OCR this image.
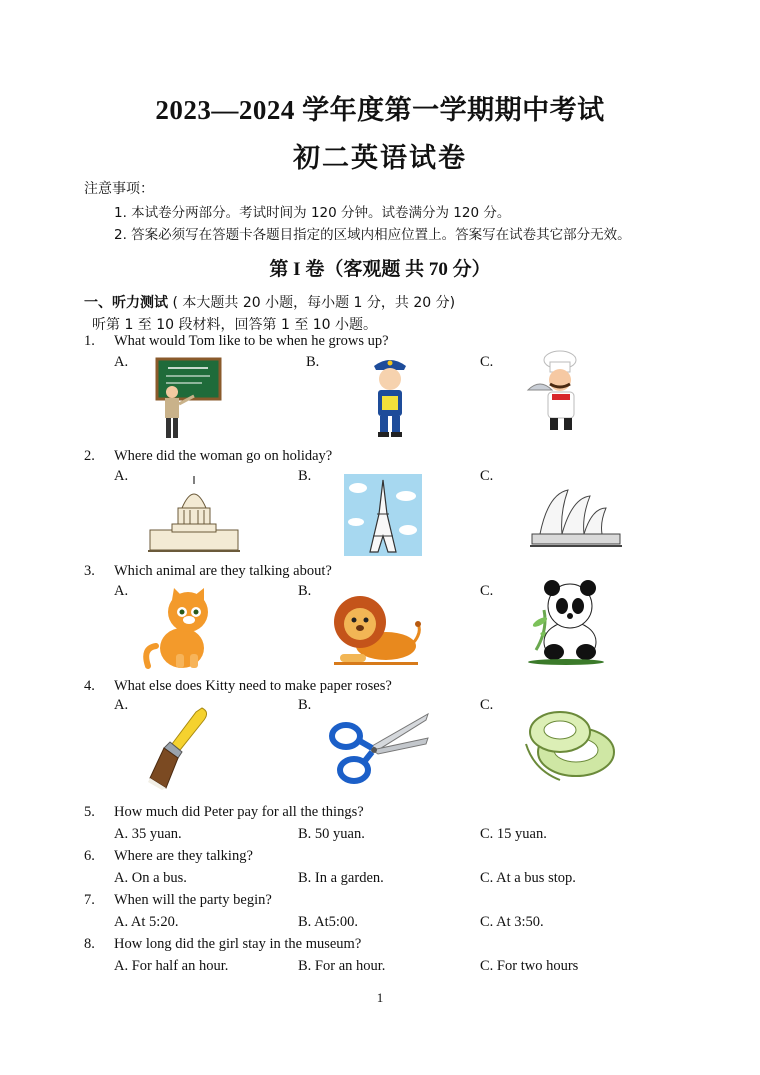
2023—2024 学年度第一学期期中考试
初二英语试卷
注意事项：
1. 本试卷分两部分。考试时间为 120 分钟。试卷满分为 120 分。
2. 答案必须写在答题卡各题目指定的区域内相应位置上。答案写在试卷其它部分无效。
第 I 卷（客观题 共 70 分）
一、听力测试 ( 本大题共 20 小题，每小题 1 分，共 20 分)
听第 1 至 10 段材料，回答第 1 至 10 小题。
1. What would Tom like to be when he grows up?
A.	B.	C.
2. Where did the woman go on holiday?
A.	B.	C.
3. Which animal are they talking about?
A.	B.	C.
4. What else does Kitty need to make paper roses?
A.	B.	C.
5. How much did Peter pay for all the things?
A. 35 yuan.	B. 50 yuan.	C. 15 yuan.
6. Where are they talking?
A. On a bus.	B. In a garden.	C. At a bus stop.
7. When will the party begin?
A. At 5:20.	B. At5:00.	C. At 3:50.
8. How long did the girl stay in the museum?
A. For half an hour.	B. For an hour.	C. For two hours
1
